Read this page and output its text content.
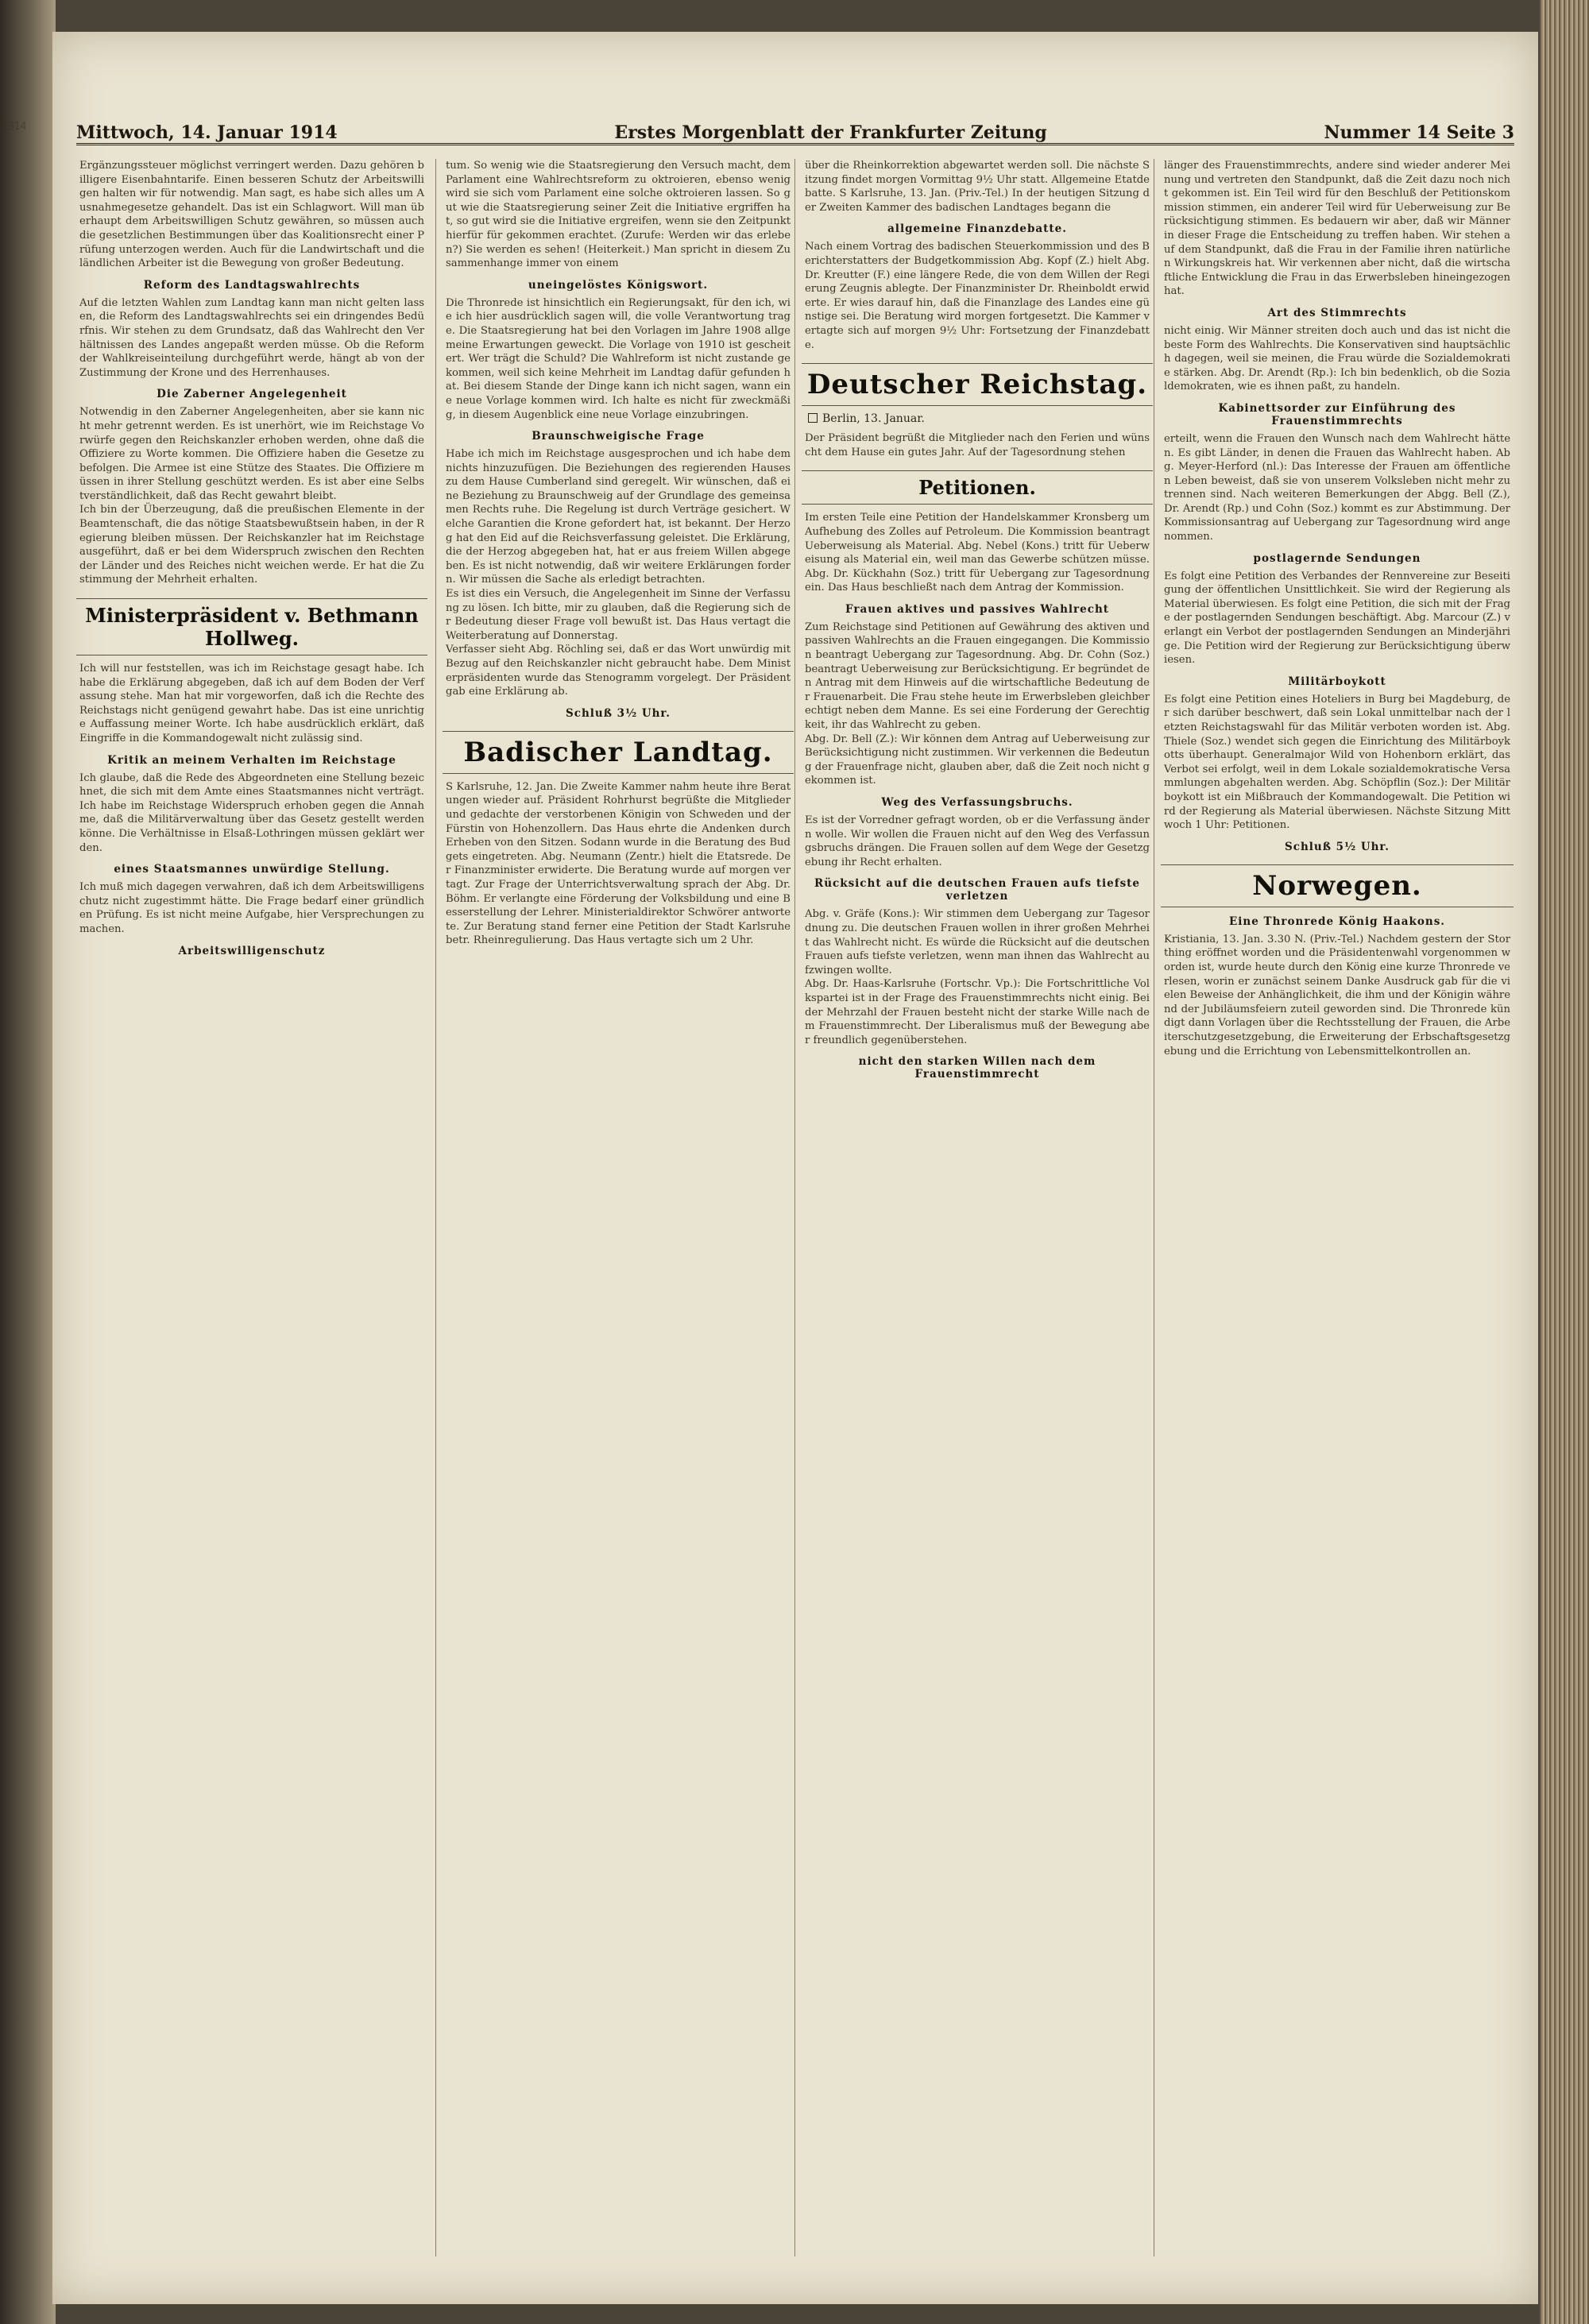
1914	Mittwoch, 14. Januar 1914	Erstes Morgenblatt der Frankfurter Zeitung	Nummer 14 Seite 3

Ergänzungssteuer möglichst verringert werden. Dazu gehören billigere Eisenbahntarife. Einen besseren Schutz der Arbeitswilligen halten wir für notwendig. Man sagt, es habe sich alles um Ausnahmegesetze gehandelt. Das ist ein Schlagwort. Will man überhaupt dem Arbeitswilligen Schutz gewähren, so müssen auch die gesetzlichen Bestimmungen über das Koalitionsrecht einer Prüfung unterzogen werden. Auch für die Landwirtschaft und die ländlichen Arbeiter ist die Bewegung von großer Bedeutung.

Reform des Landtagswahlrechts

Auf die letzten Wahlen zum Landtag kann man nicht gelten lassen, die Reform des Landtagswahlrechts sei ein dringendes Bedürfnis. Wir stehen zu dem Grundsatz, daß das Wahlrecht den Verhältnissen des Landes angepaßt werden müsse. Ob die Reform der Wahlkreiseinteilung durchgeführt werde, hängt ab von der Zustimmung der Krone und des Herrenhauses.

Die Zaberner Angelegenheit

Notwendig in den Zaberner Angelegenheiten, aber sie kann nicht mehr getrennt werden. Es ist unerhört, wie im Reichstage Vorwürfe gegen den Reichskanzler erhoben werden, ohne daß die Offiziere zu Worte kommen. Die Offiziere haben die Gesetze zu befolgen. Die Armee ist eine Stütze des Staates. Die Offiziere müssen in ihrer Stellung geschützt werden. Es ist aber eine Selbstverständlichkeit, daß das Recht gewahrt bleibt.

Ich bin der Überzeugung, daß die preußischen Elemente in der Beamtenschaft, die das nötige Staatsbewußtsein haben, in der Regierung bleiben müssen. Der Reichskanzler hat im Reichstage ausgeführt, daß er bei dem Widerspruch zwischen den Rechten der Länder und des Reiches nicht weichen werde. Er hat die Zustimmung der Mehrheit erhalten.

Ministerpräsident v. Bethmann Hollweg.

Ich will nur feststellen, was ich im Reichstage gesagt habe. Ich habe die Erklärung abgegeben, daß ich auf dem Boden der Verfassung stehe. Man hat mir vorgeworfen, daß ich die Rechte des Reichstags nicht genügend gewahrt habe. Das ist eine unrichtige Auffassung meiner Worte. Ich habe ausdrücklich erklärt, daß Eingriffe in die Kommandogewalt nicht zulässig sind.

Kritik an meinem Verhalten im Reichstage

Ich glaube, daß die Rede des Abgeordneten eine Stellung bezeichnet, die sich mit dem Amte eines Staatsmannes nicht verträgt. Ich habe im Reichstage Widerspruch erhoben gegen die Annahme, daß die Militärverwaltung über das Gesetz gestellt werden könne. Die Verhältnisse in Elsaß-Lothringen müssen geklärt werden.

eines Staatsmannes unwürdige Stellung.

Ich muß mich dagegen verwahren, daß ich dem Arbeitswilligenschutz nicht zugestimmt hätte. Die Frage bedarf einer gründlichen Prüfung. Es ist nicht meine Aufgabe, hier Versprechungen zu machen.

Arbeitswilligenschutz

tum. So wenig wie die Staatsregierung den Versuch macht, dem Parlament eine Wahlrechtsreform zu oktroieren, ebenso wenig wird sie sich vom Parlament eine solche oktroieren lassen. So gut wie die Staatsregierung seiner Zeit die Initiative ergriffen hat, so gut wird sie die Initiative ergreifen, wenn sie den Zeitpunkt hierfür für gekommen erachtet. (Zurufe: Werden wir das erleben?) Sie werden es sehen! (Heiterkeit.) Man spricht in diesem Zusammenhange immer von einem

uneingelöstes Königswort.

Die Thronrede ist hinsichtlich ein Regierungsakt, für den ich, wie ich hier ausdrücklich sagen will, die volle Verantwortung trage. Die Staatsregierung hat bei den Vorlagen im Jahre 1908 allgemeine Erwartungen geweckt. Die Vorlage von 1910 ist gescheitert. Wer trägt die Schuld? Die Wahlreform ist nicht zustande gekommen, weil sich keine Mehrheit im Landtag dafür gefunden hat. Bei diesem Stande der Dinge kann ich nicht sagen, wann eine neue Vorlage kommen wird. Ich halte es nicht für zweckmäßig, in diesem Augenblick eine neue Vorlage einzubringen.

Braunschweigische Frage

Habe ich mich im Reichstage ausgesprochen und ich habe dem nichts hinzuzufügen. Die Beziehungen des regierenden Hauses zu dem Hause Cumberland sind geregelt. Wir wünschen, daß eine Beziehung zu Braunschweig auf der Grundlage des gemeinsamen Rechts ruhe. Die Regelung ist durch Verträge gesichert. Welche Garantien die Krone gefordert hat, ist bekannt. Der Herzog hat den Eid auf die Reichsverfassung geleistet. Die Erklärung, die der Herzog abgegeben hat, hat er aus freiem Willen abgegeben. Es ist nicht notwendig, daß wir weitere Erklärungen fordern. Wir müssen die Sache als erledigt betrachten.

Es ist dies ein Versuch, die Angelegenheit im Sinne der Verfassung zu lösen. Ich bitte, mir zu glauben, daß die Regierung sich der Bedeutung dieser Frage voll bewußt ist. Das Haus vertagt die Weiterberatung auf Donnerstag.

Verfasser sieht Abg. Röchling sei, daß er das Wort unwürdig mit Bezug auf den Reichskanzler nicht gebraucht habe. Dem Ministerpräsidenten wurde das Stenogramm vorgelegt. Der Präsident gab eine Erklärung ab.

Schluß 3½ Uhr.
Badischer Landtag.

S Karlsruhe, 12. Jan. Die Zweite Kammer nahm heute ihre Beratungen wieder auf. Präsident Rohrhurst begrüßte die Mitglieder und gedachte der verstorbenen Königin von Schweden und der Fürstin von Hohenzollern. Das Haus ehrte die Andenken durch Erheben von den Sitzen. Sodann wurde in die Beratung des Budgets eingetreten. Abg. Neumann (Zentr.) hielt die Etatsrede. Der Finanzminister erwiderte. Die Beratung wurde auf morgen vertagt. Zur Frage der Unterrichtsverwaltung sprach der Abg. Dr. Böhm. Er verlangte eine Förderung der Volksbildung und eine Besserstellung der Lehrer. Ministerialdirektor Schwörer antwortete. Zur Beratung stand ferner eine Petition der Stadt Karlsruhe betr. Rheinregulierung. Das Haus vertagte sich um 2 Uhr.

über die Rheinkorrektion abgewartet werden soll. Die nächste Sitzung findet morgen Vormittag 9½ Uhr statt. Allgemeine Etatdebatte. S Karlsruhe, 13. Jan. (Priv.-Tel.) In der heutigen Sitzung der Zweiten Kammer des badischen Landtages begann die

allgemeine Finanzdebatte.

Nach einem Vortrag des badischen Steuerkommission und des Berichterstatters der Budgetkommission Abg. Kopf (Z.) hielt Abg. Dr. Kreutter (F.) eine längere Rede, die von dem Willen der Regierung Zeugnis ablegte. Der Finanzminister Dr. Rheinboldt erwiderte. Er wies darauf hin, daß die Finanzlage des Landes eine günstige sei. Die Beratung wird morgen fortgesetzt. Die Kammer vertagte sich auf morgen 9½ Uhr: Fortsetzung der Finanzdebatte.

Deutscher Reichstag.
Berlin, 13. Januar.

Der Präsident begrüßt die Mitglieder nach den Ferien und wünscht dem Hause ein gutes Jahr. Auf der Tagesordnung stehen

Petitionen.

Im ersten Teile eine Petition der Handelskammer Kronsberg um Aufhebung des Zolles auf Petroleum. Die Kommission beantragt Ueberweisung als Material. Abg. Nebel (Kons.) tritt für Ueberweisung als Material ein, weil man das Gewerbe schützen müsse. Abg. Dr. Kückhahn (Soz.) tritt für Uebergang zur Tagesordnung ein. Das Haus beschließt nach dem Antrag der Kommission.

Frauen aktives und passives Wahlrecht

Zum Reichstage sind Petitionen auf Gewährung des aktiven und passiven Wahlrechts an die Frauen eingegangen. Die Kommission beantragt Uebergang zur Tagesordnung. Abg. Dr. Cohn (Soz.) beantragt Ueberweisung zur Berücksichtigung. Er begründet den Antrag mit dem Hinweis auf die wirtschaftliche Bedeutung der Frauenarbeit. Die Frau stehe heute im Erwerbsleben gleichberechtigt neben dem Manne. Es sei eine Forderung der Gerechtigkeit, ihr das Wahlrecht zu geben.

Abg. Dr. Bell (Z.): Wir können dem Antrag auf Ueberweisung zur Berücksichtigung nicht zustimmen. Wir verkennen die Bedeutung der Frauenfrage nicht, glauben aber, daß die Zeit noch nicht gekommen ist.

Weg des Verfassungsbruchs.

Es ist der Vorredner gefragt worden, ob er die Verfassung ändern wolle. Wir wollen die Frauen nicht auf den Weg des Verfassungsbruchs drängen. Die Frauen sollen auf dem Wege der Gesetzgebung ihr Recht erhalten.

Rücksicht auf die deutschen Frauen aufs tiefste verletzen

Abg. v. Gräfe (Kons.): Wir stimmen dem Uebergang zur Tagesordnung zu. Die deutschen Frauen wollen in ihrer großen Mehrheit das Wahlrecht nicht. Es würde die Rücksicht auf die deutschen Frauen aufs tiefste verletzen, wenn man ihnen das Wahlrecht aufzwingen wollte.

Abg. Dr. Haas-Karlsruhe (Fortschr. Vp.): Die Fortschrittliche Volkspartei ist in der Frage des Frauenstimmrechts nicht einig. Bei der Mehrzahl der Frauen besteht nicht der starke Wille nach dem Frauenstimmrecht. Der Liberalismus muß der Bewegung aber freundlich gegenüberstehen.

nicht den starken Willen nach dem Frauenstimmrecht

länger des Frauenstimmrechts, andere sind wieder anderer Meinung und vertreten den Standpunkt, daß die Zeit dazu noch nicht gekommen ist. Ein Teil wird für den Beschluß der Petitionskommission stimmen, ein anderer Teil wird für Ueberweisung zur Berücksichtigung stimmen. Es bedauern wir aber, daß wir Männer in dieser Frage die Entscheidung zu treffen haben. Wir stehen auf dem Standpunkt, daß die Frau in der Familie ihren natürlichen Wirkungskreis hat. Wir verkennen aber nicht, daß die wirtschaftliche Entwicklung die Frau in das Erwerbsleben hineingezogen hat.

Art des Stimmrechts

nicht einig. Wir Männer streiten doch auch und das ist nicht die beste Form des Wahlrechts. Die Konservativen sind hauptsächlich dagegen, weil sie meinen, die Frau würde die Sozialdemokratie stärken. Abg. Dr. Arendt (Rp.): Ich bin bedenklich, ob die Sozialdemokraten, wie es ihnen paßt, zu handeln.

Kabinettsorder zur Einführung des Frauenstimmrechts

erteilt, wenn die Frauen den Wunsch nach dem Wahlrecht hätten. Es gibt Länder, in denen die Frauen das Wahlrecht haben. Abg. Meyer-Herford (nl.): Das Interesse der Frauen am öffentlichen Leben beweist, daß sie von unserem Volksleben nicht mehr zu trennen sind. Nach weiteren Bemerkungen der Abgg. Bell (Z.), Dr. Arendt (Rp.) und Cohn (Soz.) kommt es zur Abstimmung. Der Kommissionsantrag auf Uebergang zur Tagesordnung wird angenommen.

postlagernde Sendungen

Es folgt eine Petition des Verbandes der Rennvereine zur Beseitigung der öffentlichen Unsittlichkeit. Sie wird der Regierung als Material überwiesen. Es folgt eine Petition, die sich mit der Frage der postlagernden Sendungen beschäftigt. Abg. Marcour (Z.) verlangt ein Verbot der postlagernden Sendungen an Minderjährige. Die Petition wird der Regierung zur Berücksichtigung überwiesen.

Militärboykott

Es folgt eine Petition eines Hoteliers in Burg bei Magdeburg, der sich darüber beschwert, daß sein Lokal unmittelbar nach der letzten Reichstagswahl für das Militär verboten worden ist. Abg. Thiele (Soz.) wendet sich gegen die Einrichtung des Militärboykotts überhaupt. Generalmajor Wild von Hohenborn erklärt, das Verbot sei erfolgt, weil in dem Lokale sozialdemokratische Versammlungen abgehalten werden. Abg. Schöpflin (Soz.): Der Militärboykott ist ein Mißbrauch der Kommandogewalt. Die Petition wird der Regierung als Material überwiesen. Nächste Sitzung Mittwoch 1 Uhr: Petitionen.

Schluß 5½ Uhr.
Norwegen.
Eine Thronrede König Haakons.

Kristiania, 13. Jan. 3.30 N. (Priv.-Tel.) Nachdem gestern der Storthing eröffnet worden und die Präsidentenwahl vorgenommen worden ist, wurde heute durch den König eine kurze Thronrede verlesen, worin er zunächst seinem Danke Ausdruck gab für die vielen Beweise der Anhänglichkeit, die ihm und der Königin während der Jubiläumsfeiern zuteil geworden sind. Die Thronrede kündigt dann Vorlagen über die Rechtsstellung der Frauen, die Arbeiterschutzgesetzgebung, die Erweiterung der Erbschaftsgesetzgebung und die Errichtung von Lebensmittelkontrollen an.
